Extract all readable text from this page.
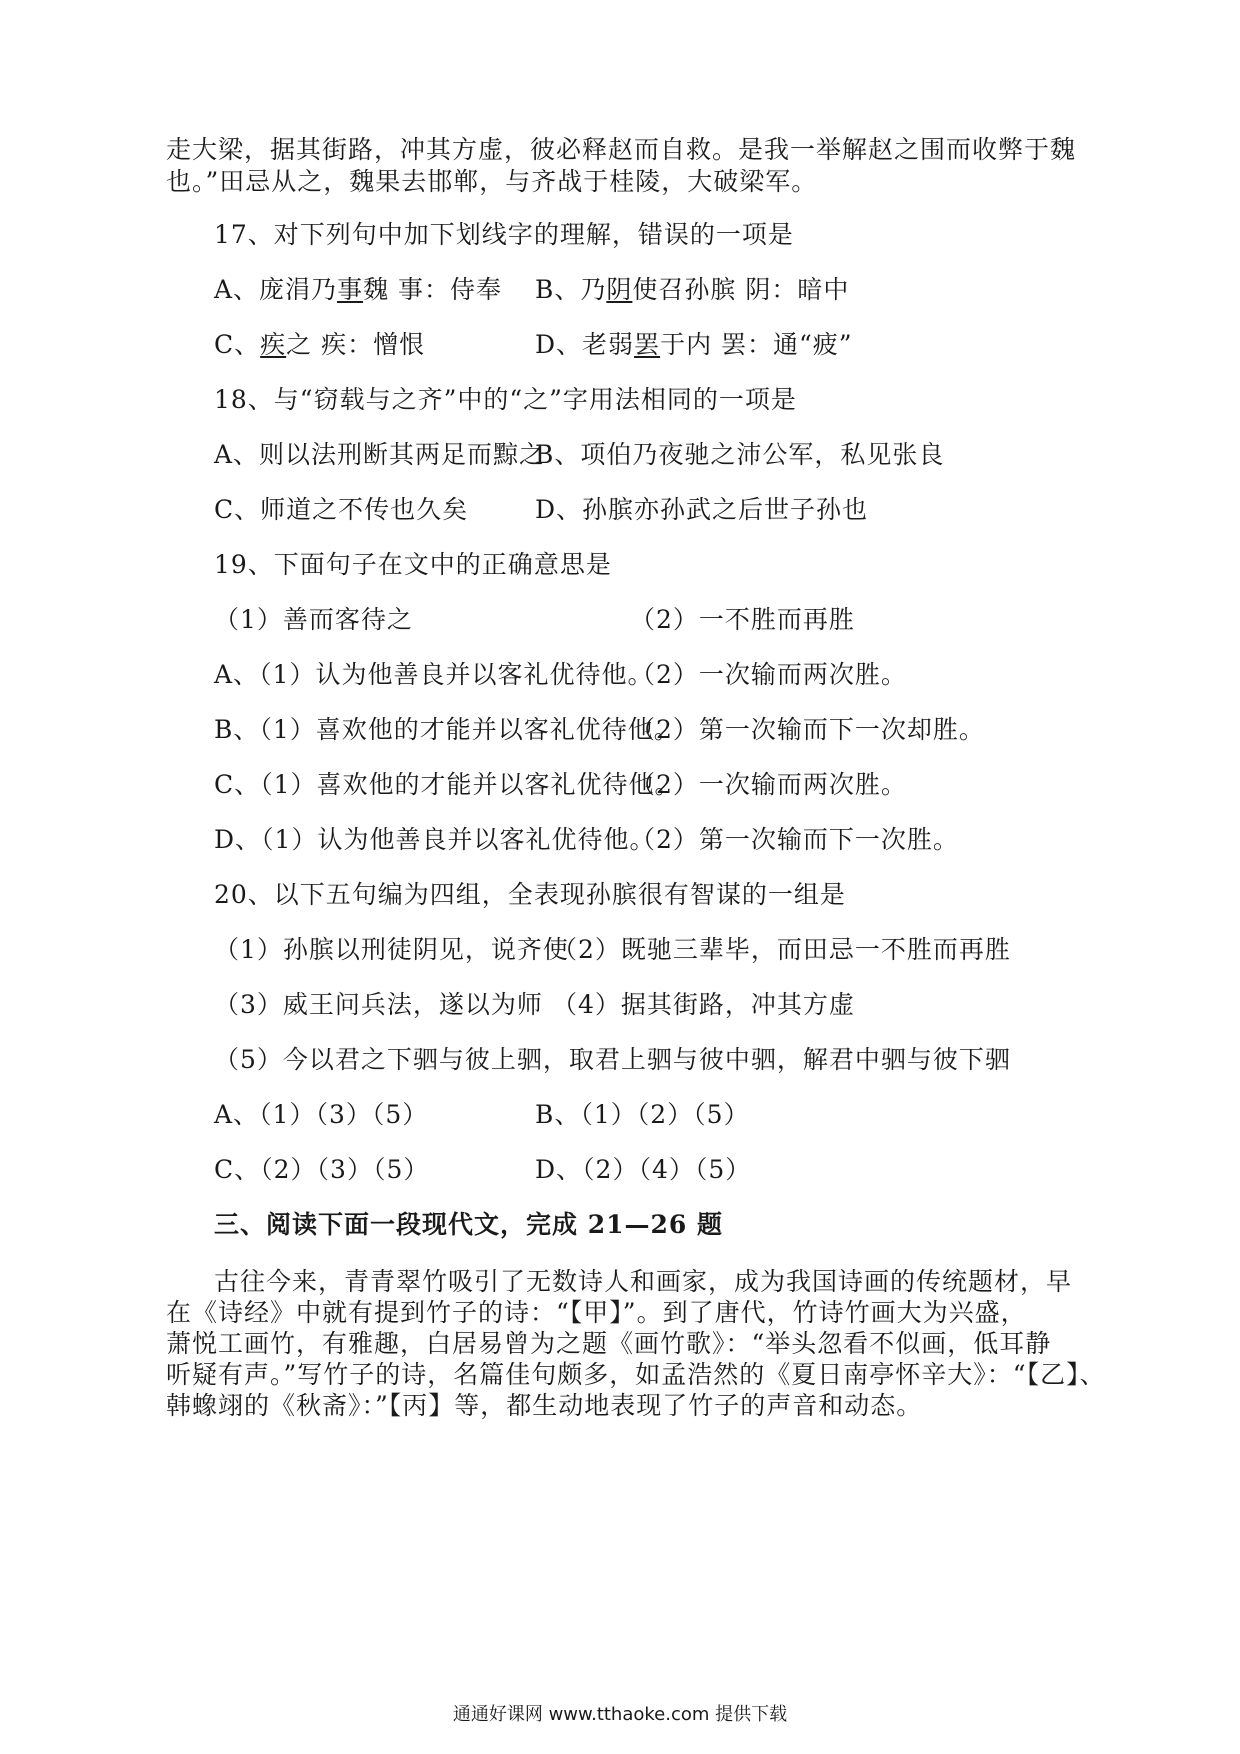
走大梁，据其街路，冲其方虚，彼必释赵而自救。是我一举解赵之围而收弊于魏
也。”田忌从之，魏果去邯郸，与齐战于桂陵，大破梁军。
17、对下列句中加下划线字的理解，错误的一项是
A、庞涓乃事魏 事：侍奉 B、乃阴使召孙膑 阴：暗中
C、疾之 疾：憎恨	D、老弱罢于内 罢：通“疲”
18、与“窃载与之齐”中的“之”字用法相同的一项是
A、则以法刑断其两足而黥之
B、项伯乃夜驰之沛公军，私见张良
C、师道之不传也久矣	D、孙膑亦孙武之后世子孙也
19、下面句子在文中的正确意思是
（1）善而客待之	（2）一不胜而再胜
A、（1）认为他善良并以客礼优待他。
（2）一次输而两次胜。
B、（1）喜欢他的才能并以客礼优待他。
（2）第一次输而下一次却胜。
C、（1）喜欢他的才能并以客礼优待他。
（2）一次输而两次胜。
D、（1）认为他善良并以客礼优待他。
（2）第一次输而下一次胜。
20、以下五句编为四组，全表现孙膑很有智谋的一组是
（1）孙膑以刑徒阴见，说齐使
（2）既驰三辈毕，而田忌一不胜而再胜
（3）威王问兵法，遂以为师 （4）据其街路，冲其方虚
（5）今以君之下驷与彼上驷，取君上驷与彼中驷，解君中驷与彼下驷
A、（1）（3）（5）	B、（1）（2）（5）
C、（2）（3）（5）	D、（2）（4）（5）
三、阅读下面一段现代文，完成 21—26 题
古往今来，青青翠竹吸引了无数诗人和画家，成为我国诗画的传统题材，早
在《诗经》中就有提到竹子的诗：“【甲】”。到了唐代，竹诗竹画大为兴盛，
萧悦工画竹，有雅趣，白居易曾为之题《画竹歌》：“举头忽看不似画，低耳静
听疑有声。”写竹子的诗，名篇佳句颇多，如孟浩然的《夏日南亭怀辛大》：“【乙】、
韩蟓翊的《秋斋》：”【丙】等，都生动地表现了竹子的声音和动态。
通通好课网 www.tthaoke.com 提供下载
